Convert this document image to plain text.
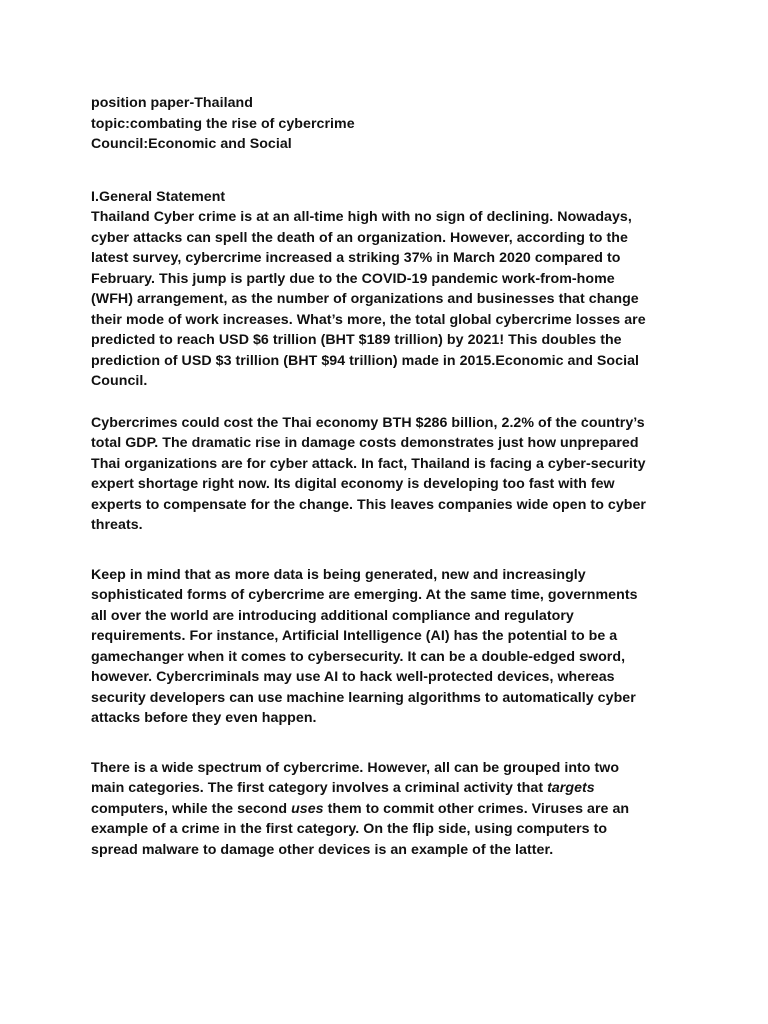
position paper-Thailand
topic:combating the rise of cybercrime
Council:Economic and Social
I.General Statement
Thailand Cyber crime is at an all-time high with no sign of declining. Nowadays,
cyber attacks can spell the death of an organization. However, according to the
latest survey, cybercrime increased a striking 37% in March 2020 compared to
February. This jump is partly due to the COVID-19 pandemic work-from-home
(WFH) arrangement, as the number of organizations and businesses that change
their mode of work increases. What’s more, the total global cybercrime losses are
predicted to reach USD $6 trillion (BHT $189 trillion) by 2021! This doubles the
prediction of USD $3 trillion (BHT $94 trillion) made in 2015.Economic and Social
Council.
Cybercrimes could cost the Thai economy BTH $286 billion, 2.2% of the country’s
total GDP. The dramatic rise in damage costs demonstrates just how unprepared
Thai organizations are for cyber attack. In fact, Thailand is facing a cyber-security
expert shortage right now. Its digital economy is developing too fast with few
experts to compensate for the change. This leaves companies wide open to cyber
threats.
Keep in mind that as more data is being generated, new and increasingly
sophisticated forms of cybercrime are emerging. At the same time, governments
all over the world are introducing additional compliance and regulatory
requirements. For instance, Artificial Intelligence (AI) has the potential to be a
gamechanger when it comes to cybersecurity. It can be a double-edged sword,
however. Cybercriminals may use AI to hack well-protected devices, whereas
security developers can use machine learning algorithms to automatically cyber
attacks before they even happen.
There is a wide spectrum of cybercrime. However, all can be grouped into two
main categories. The first category involves a criminal activity that targets
computers, while the second uses them to commit other crimes. Viruses are an
example of a crime in the first category. On the flip side, using computers to
spread malware to damage other devices is an example of the latter.
